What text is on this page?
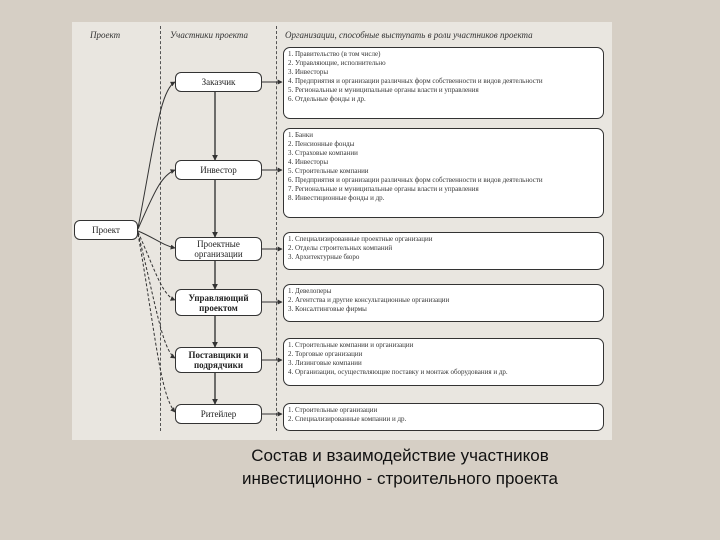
Проект	Участники проекта	Организации, способные выступать в роли участников проекта
Проект
Заказчик
Инвестор
Проектные организации
Управляющий проектом
Поставщики и подрядчики
Ритейлер
1. Правительство (в том числе)
2. Управляющие, исполнительно
3. Инвесторы
4. Предприятия и организации различных форм собственности и видов деятельности
5. Региональные и муниципальные органы власти и управления
6. Отдельные фонды и др.
1. Банки
2. Пенсионные фонды
3. Страховые компании
4. Инвесторы
5. Строительные компании
6. Предприятия и организации различных форм собственности и видов деятельности
7. Региональные и муниципальные органы власти и управления
8. Инвестиционные фонды и др.
1. Специализированные проектные организации
2. Отделы строительных компаний
3. Архитектурные бюро
1. Девелоперы
2. Агентства и другие консультационные организации
3. Консалтинговые фирмы
1. Строительные компании и организации
2. Торговые организации
3. Лизинговые компании
4. Организации, осуществляющие поставку и монтаж оборудования и др.
1. Строительные организации
2. Специализированные компании и др.
Состав и взаимодействие участников
инвестиционно - строительного проекта
